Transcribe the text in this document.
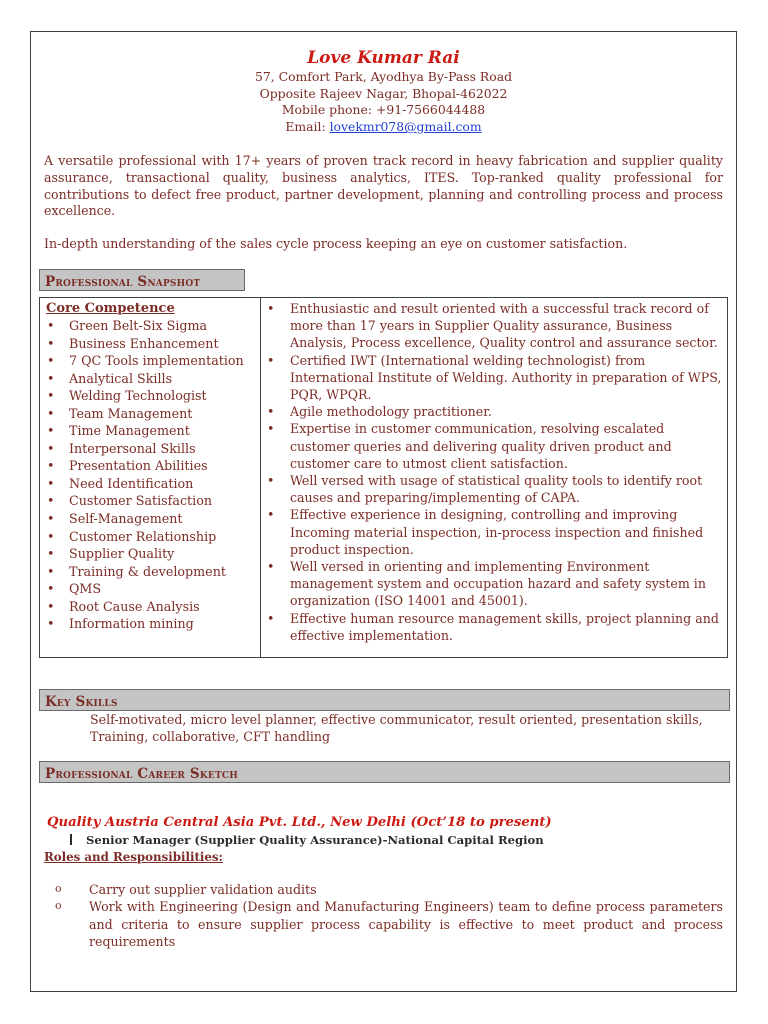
Love Kumar Rai
57, Comfort Park, Ayodhya By-Pass Road
Opposite Rajeev Nagar, Bhopal-462022
Mobile phone: +91-7566044488
Email: lovekmr078@gmail.com
A versatile professional with 17+ years of proven track record in heavy fabrication and supplier quality assurance, transactional quality, business analytics, ITES. Top-ranked quality professional for contributions to defect free product, partner development, planning and controlling process and process excellence.
In-depth understanding of the sales cycle process keeping an eye on customer satisfaction.
Professional Snapshot
Core Competence
• Green Belt-Six Sigma
• Business Enhancement
• 7 QC Tools implementation
• Analytical Skills
• Welding Technologist
• Team Management
• Time Management
• Interpersonal Skills
• Presentation Abilities
• Need Identification
• Customer Satisfaction
• Self-Management
• Customer Relationship
• Supplier Quality
• Training & development
• QMS
• Root Cause Analysis
• Information mining
• Enthusiastic and result oriented with a successful track record of more than 17 years in Supplier Quality assurance, Business Analysis, Process excellence, Quality control and assurance sector.
• Certified IWT (International welding technologist) from International Institute of Welding. Authority in preparation of WPS, PQR, WPQR.
• Agile methodology practitioner.
• Expertise in customer communication, resolving escalated customer queries and delivering quality driven product and customer care to utmost client satisfaction.
• Well versed with usage of statistical quality tools to identify root causes and preparing/implementing of CAPA.
• Effective experience in designing, controlling and improving Incoming material inspection, in-process inspection and finished product inspection.
• Well versed in orienting and implementing Environment management system and occupation hazard and safety system in organization (ISO 14001 and 45001).
• Effective human resource management skills, project planning and effective implementation.
Key Skills
Self-motivated, micro level planner, effective communicator, result oriented, presentation skills, Training, collaborative, CFT handling
Professional Career Sketch
Quality Austria Central Asia Pvt. Ltd., New Delhi (Oct’18 to present)
Senior Manager (Supplier Quality Assurance)-National Capital Region
Roles and Responsibilities:
o Carry out supplier validation audits
o Work with Engineering (Design and Manufacturing Engineers) team to define process parameters and criteria to ensure supplier process capability is effective to meet product and process requirements
